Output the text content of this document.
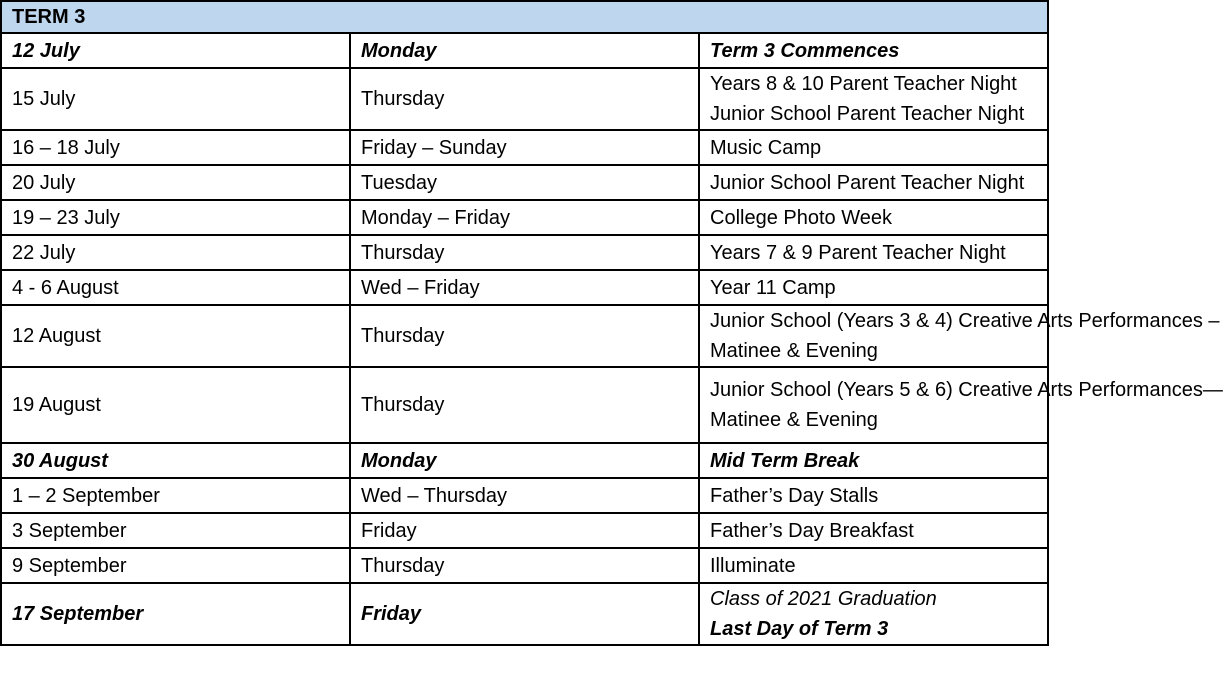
TERM 3		
12 July	Monday	Term 3 Commences
15 July	Thursday	Years 8 & 10 Parent Teacher Night
Junior School Parent Teacher Night

16 – 18 July	Friday – Sunday	Music Camp
20 July	Tuesday	Junior School Parent Teacher Night
19 – 23 July	Monday – Friday	College Photo Week
22 July	Thursday	Years 7 & 9 Parent Teacher Night
4 - 6 August	Wed – Friday	Year 11 Camp
12 August	Thursday	Junior School (Years 3 & 4) Creative Arts Performances –
Matinee & Evening

19 August	Thursday	Junior School (Years 5 & 6) Creative Arts Performances—
Matinee & Evening

30 August	Monday	Mid Term Break
1 – 2 September	Wed – Thursday	Father’s Day Stalls
3 September	Friday	Father’s Day Breakfast
9 September	Thursday	Illuminate
17 September	Friday	Class of 2021 Graduation
Last Day of Term 3
